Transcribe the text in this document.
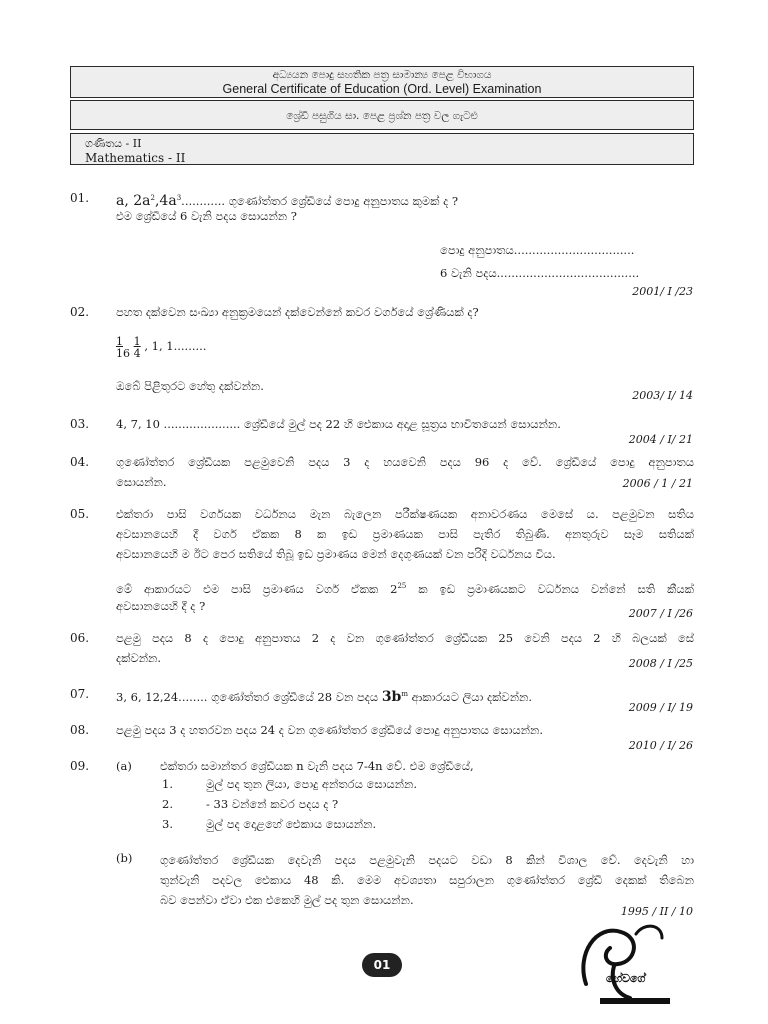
අධ්‍යයන පොදු සහතික පත්‍ර සාමාන්‍ය පෙළ විභාගය
General Certificate of Education (Ord. Level) Examination
ශ්‍රේඩී පසුගිය සා. පෙළ ප්‍රශ්න පත්‍ර වල ගැටළු
ගණිතය - II
Mathematics - II
01. a, $2a^2,4a^3$............ ගුණෝත්තර ශ්‍රේඩීයේ පොදු අනුපාතය කුමක් ද ?
එම ශ්‍රේඩීයේ 6 වැනි පදය සොයන්න ?
පොදු අනුපාතය.................................
6 වැනි පදය.......................................
2001/ I /23
02. පහත දක්වෙන සංඛ්‍යා අනුක්‍රමයෙන් දක්වෙන්නේ කවර වර්ගයේ ශ්‍රේණියක් ද?
$\frac{1}{16}$
$\frac{1}{4}$ , 1, 1.........
ඔබේ පිළිතුරට හේතු දක්වන්න.
2003/ I/ 14
03. 4, 7, 10 ..................... ශ්‍රේඩීයේ මුල් පද 22 හි ඓකාය අදාළ සූත්‍රය භාවිතයෙන් සොයන්න.
2004 / I/ 21
04. ගුණෝත්තර ශ්‍රේඩීයක පළමුවෙනි පදය 3 ද හයවෙනි පදය 96 ද වේ. ශ්‍රේඩීයේ පොදු අනුපාතය
සොයන්න.	2006 / 1 / 21
05. එක්තරා පාසි වර්ගයක වර්ධනය මැන බැලෙන පරීක්ෂණයක අනාවරණය මෙසේ ය. පළමුවන සතිය
අවසානයෙහි දී වර්ග ඒකක 8 ක ඉඩ ප්‍රමාණයක පාසි පැතිර තිබුණි. අනතුරුව සෑම සතියක්
අවසානයෙහි ම ඊට පෙර සතියේ තිබූ ඉඩ ප්‍රමාණය මෙන් දෙගුණයක් වන පරිදි වර්ධනය විය.
මේ ආකාරයට එම පාසි ප්‍රමාණය වර්ග ඒකක $2^{25}$ ක ඉඩ ප්‍රමාණයකට වර්ධනය වන්නේ සති කීයක්
අවසානයෙහි දී ද ?
2007 / I /26
06. පළමු පදය 8 ද පොදු අනුපාතය 2 ද වන ගුණෝත්තර ශ්‍රේඩීයක 25 වෙනි පදය 2 හි බලයක් සේ
දක්වන්න.	2008 / I /25
07. 3, 6, 12,24........ ගුණෝත්තර ශ්‍රේඩීයේ 28 වන පදය $3b^m$ ආකාරයට ලියා දක්වන්න.
2009 / I/ 19
08. පළමු පදය 3 ද හතරවන පදය 24 ද වන ගුණෝත්තර ශ්‍රේඩීයේ පොදු අනුපාතය සොයන්න.
2010 / I/ 26
09. (a) එක්තරා සමාන්තර ශ්‍රේඩීයක n වැනි පදය 7-4n වේ. එම ශ්‍රේඩීයේ,
1.	මුල් පද තුන ලියා, පොදු අන්තරය සොයන්න.
2.	- 33 වන්නේ කවර පදය ද ?
3.	මුල් පද දොළහේ ඓකාය සොයන්න.
(b) ගුණෝත්තර ශ්‍රේඩීයක දෙවැනි පදය පළමුවැනි පදයට වඩා 8 කින් විශාල වේ. දෙවැනි හා
තුන්වැනි පදවල ඓකාය 48 කි. මෙම අවශ්‍යතා සපුරාලන ගුණෝත්තර ශ්‍රේඩී දෙකක් තිබෙන
බව පෙන්වා ඒවා එක එකෙහි මුල් පද තුන සොයන්න.
1995 / II / 10
01
හේවගේ
